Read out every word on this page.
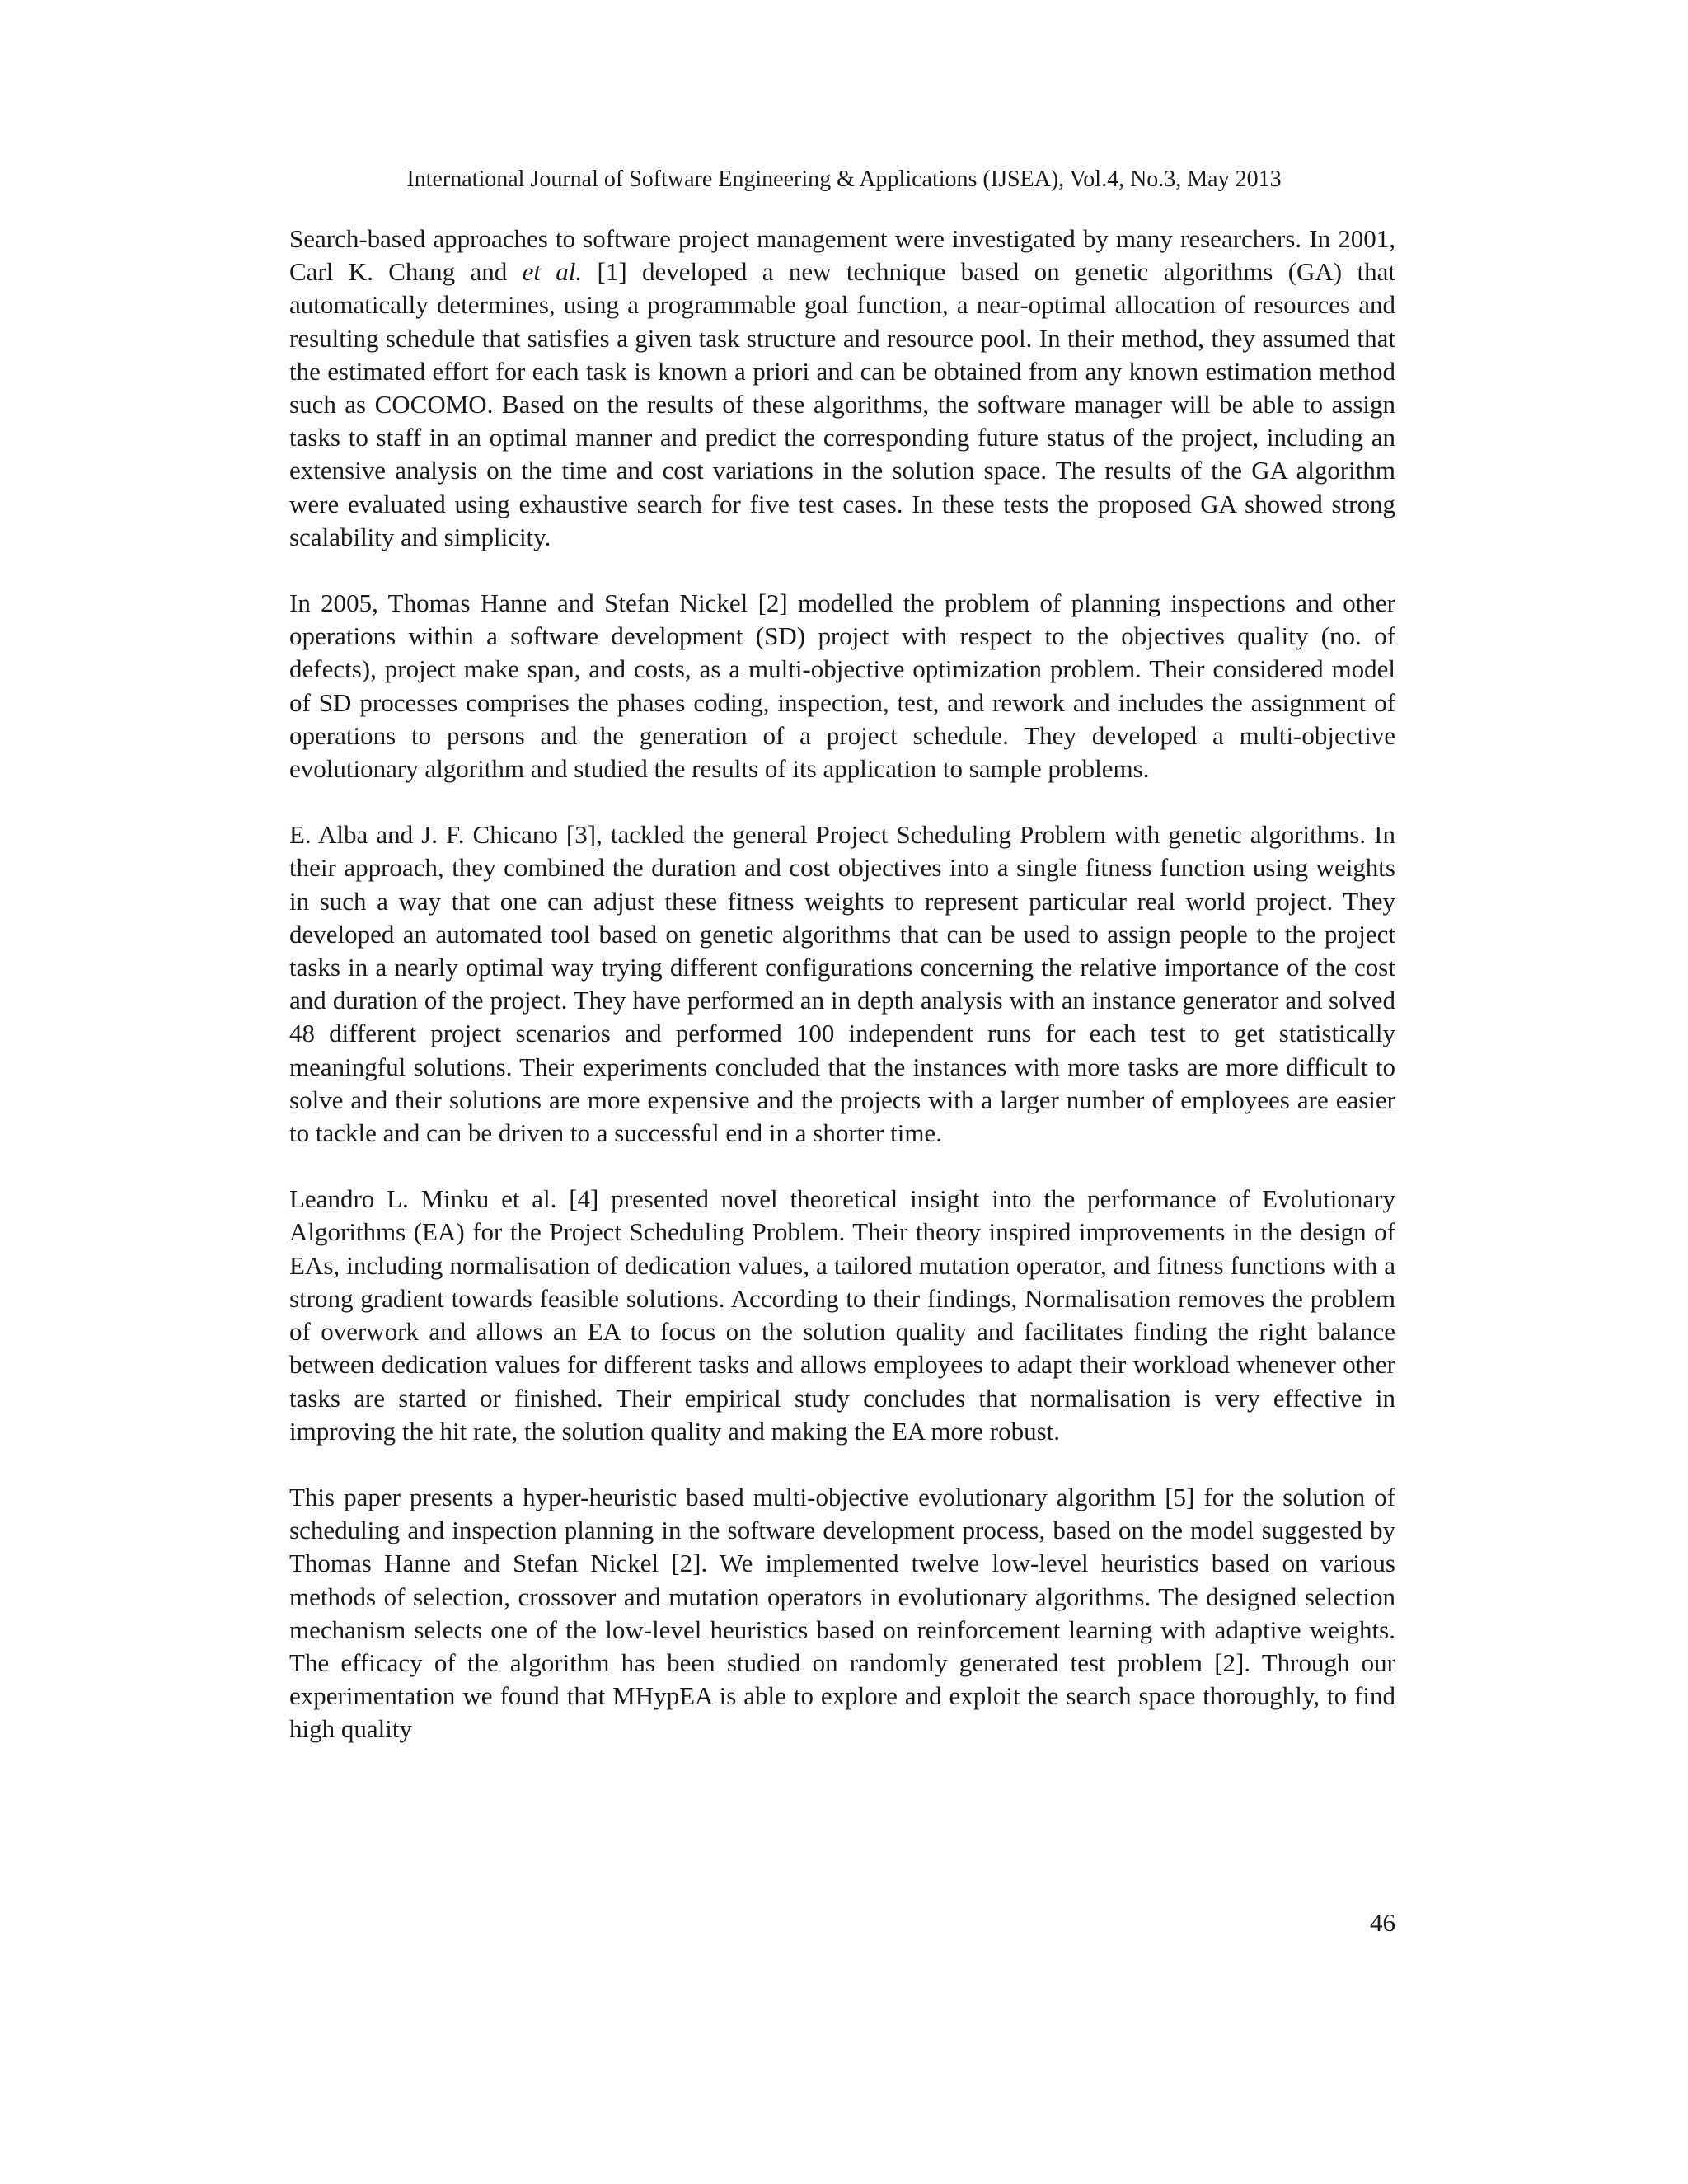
International Journal of Software Engineering & Applications (IJSEA), Vol.4, No.3, May 2013

Search-based approaches to software project management were investigated by many researchers. In 2001, Carl K. Chang and et al. [1] developed a new technique based on genetic algorithms (GA) that automatically determines, using a programmable goal function, a near-optimal allocation of resources and resulting schedule that satisfies a given task structure and resource pool. In their method, they assumed that the estimated effort for each task is known a priori and can be obtained from any known estimation method such as COCOMO. Based on the results of these algorithms, the software manager will be able to assign tasks to staff in an optimal manner and predict the corresponding future status of the project, including an extensive analysis on the time and cost variations in the solution space. The results of the GA algorithm were evaluated using exhaustive search for five test cases. In these tests the proposed GA showed strong scalability and simplicity.

In 2005, Thomas Hanne and Stefan Nickel [2] modelled the problem of planning inspections and other operations within a software development (SD) project with respect to the objectives quality (no. of defects), project make span, and costs, as a multi-objective optimization problem. Their considered model of SD processes comprises the phases coding, inspection, test, and rework and includes the assignment of operations to persons and the generation of a project schedule. They developed a multi-objective evolutionary algorithm and studied the results of its application to sample problems.

E. Alba and J. F. Chicano [3], tackled the general Project Scheduling Problem with genetic algorithms. In their approach, they combined the duration and cost objectives into a single fitness function using weights in such a way that one can adjust these fitness weights to represent particular real world project. They developed an automated tool based on genetic algorithms that can be used to assign people to the project tasks in a nearly optimal way trying different configurations concerning the relative importance of the cost and duration of the project. They have performed an in depth analysis with an instance generator and solved 48 different project scenarios and performed 100 independent runs for each test to get statistically meaningful solutions. Their experiments concluded that the instances with more tasks are more difficult to solve and their solutions are more expensive and the projects with a larger number of employees are easier to tackle and can be driven to a successful end in a shorter time.

Leandro L. Minku et al. [4] presented novel theoretical insight into the performance of Evolutionary Algorithms (EA) for the Project Scheduling Problem. Their theory inspired improvements in the design of EAs, including normalisation of dedication values, a tailored mutation operator, and fitness functions with a strong gradient towards feasible solutions. According to their findings, Normalisation removes the problem of overwork and allows an EA to focus on the solution quality and facilitates finding the right balance between dedication values for different tasks and allows employees to adapt their workload whenever other tasks are started or finished. Their empirical study concludes that normalisation is very effective in improving the hit rate, the solution quality and making the EA more robust.

This paper presents a hyper-heuristic based multi-objective evolutionary algorithm [5] for the solution of scheduling and inspection planning in the software development process, based on the model suggested by Thomas Hanne and Stefan Nickel [2]. We implemented twelve low-level heuristics based on various methods of selection, crossover and mutation operators in evolutionary algorithms. The designed selection mechanism selects one of the low-level heuristics based on reinforcement learning with adaptive weights. The efficacy of the algorithm has been studied on randomly generated test problem [2]. Through our experimentation we found that MHypEA is able to explore and exploit the search space thoroughly, to find high quality

46
